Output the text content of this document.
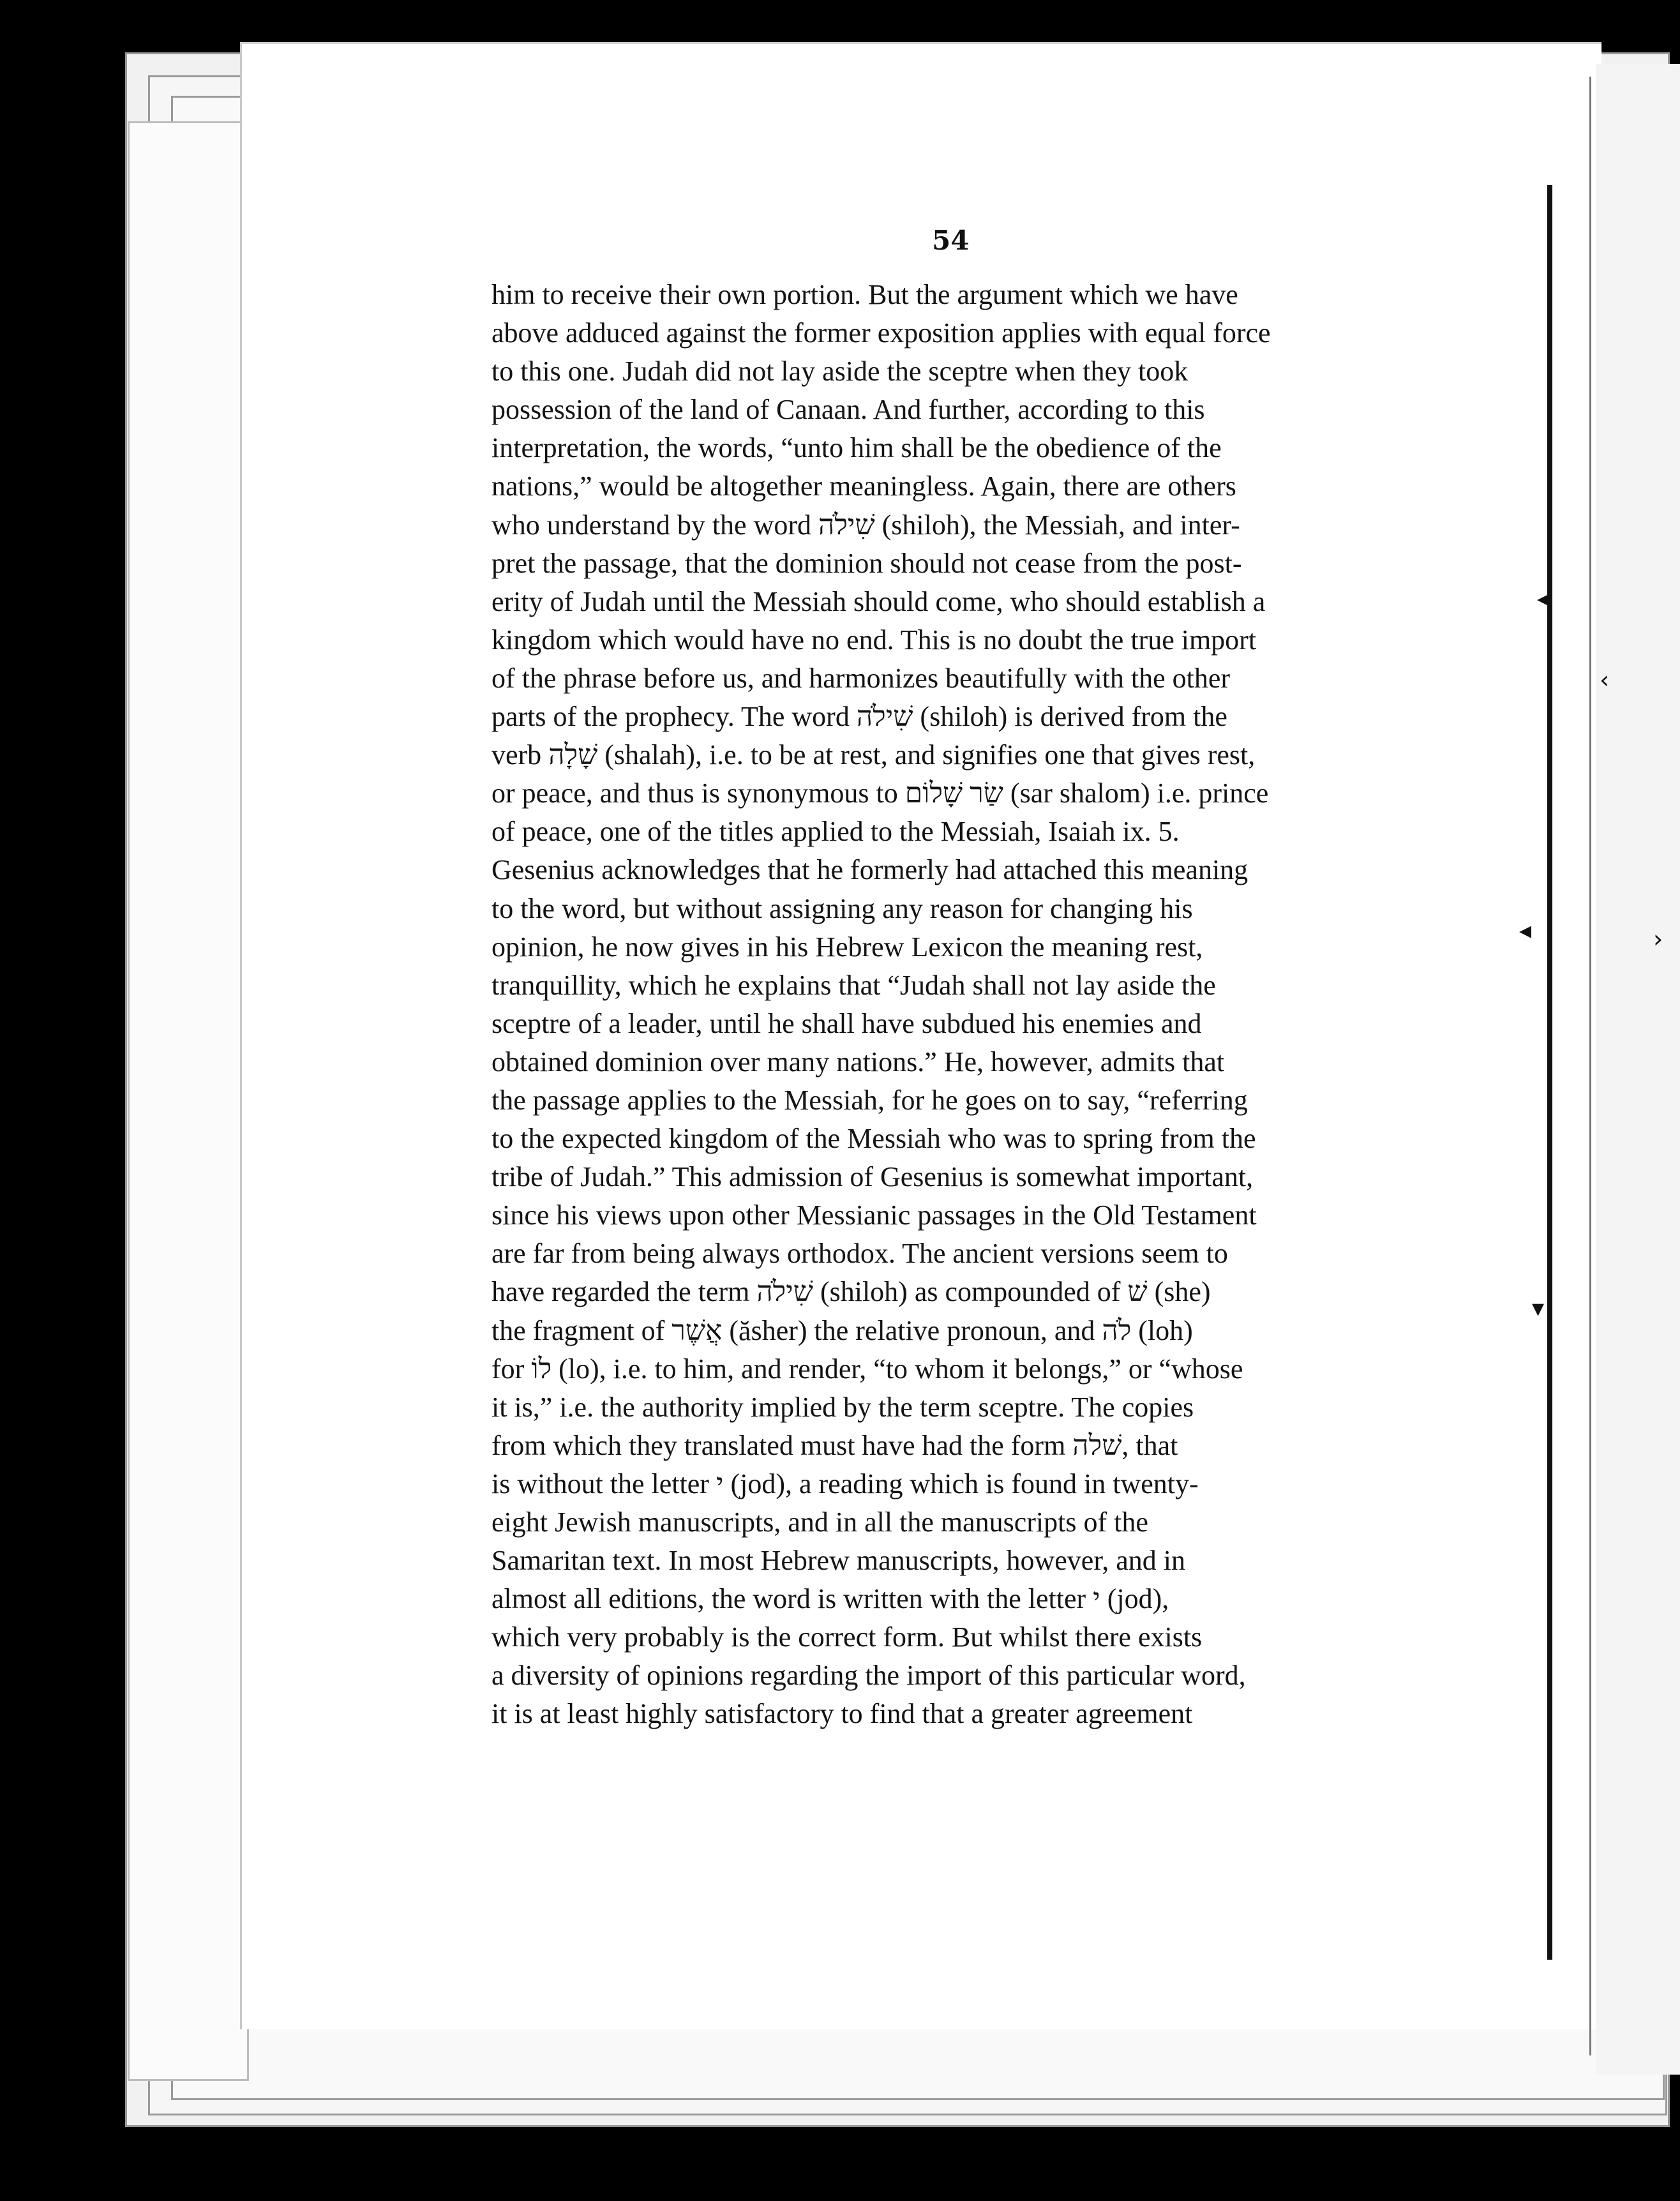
◂
◂
▾
‹
›
54
him to receive their own portion. But the argument which we have
above adduced against the former exposition applies with equal force
to this one. Judah did not lay aside the sceptre when they took
possession of the land of Canaan. And further, according to this
interpretation, the words, “unto him shall be the obedience of the
nations,” would be altogether meaningless. Again, there are others
who understand by the word שִׁילֹה (shiloh), the Messiah, and inter-
pret the passage, that the dominion should not cease from the post-
erity of Judah until the Messiah should come, who should establish a
kingdom which would have no end. This is no doubt the true import
of the phrase before us, and harmonizes beautifully with the other
parts of the prophecy. The word שִׁילֹה (shiloh) is derived from the
verb שָׁלָה (shalah), i.e. to be at rest, and signifies one that gives rest,
or peace, and thus is synonymous to שַׂר שָׁלוֹם (sar shalom) i.e. prince
of peace, one of the titles applied to the Messiah, Isaiah ix. 5.
Gesenius acknowledges that he formerly had attached this meaning
to the word, but without assigning any reason for changing his
opinion, he now gives in his Hebrew Lexicon the meaning rest,
tranquillity, which he explains that “Judah shall not lay aside the
sceptre of a leader, until he shall have subdued his enemies and
obtained dominion over many nations.” He, however, admits that
the passage applies to the Messiah, for he goes on to say, “referring
to the expected kingdom of the Messiah who was to spring from the
tribe of Judah.” This admission of Gesenius is somewhat important,
since his views upon other Messianic passages in the Old Testament
are far from being always orthodox. The ancient versions seem to
have regarded the term שִׁילֹה (shiloh) as compounded of שׁ (she)
the fragment of אֲשֶׁר (ăsher) the relative pronoun, and לֹה (loh)
for לוֹ (lo), i.e. to him, and render, “to whom it belongs,” or “whose
it is,” i.e. the authority implied by the term sceptre. The copies
from which they translated must have had the form שׁלה, that
is without the letter י (jod), a reading which is found in twenty-
eight Jewish manuscripts, and in all the manuscripts of the
Samaritan text. In most Hebrew manuscripts, however, and in
almost all editions, the word is written with the letter י (jod),
which very probably is the correct form. But whilst there exists
a diversity of opinions regarding the import of this particular word,
it is at least highly satisfactory to find that a greater agreement
